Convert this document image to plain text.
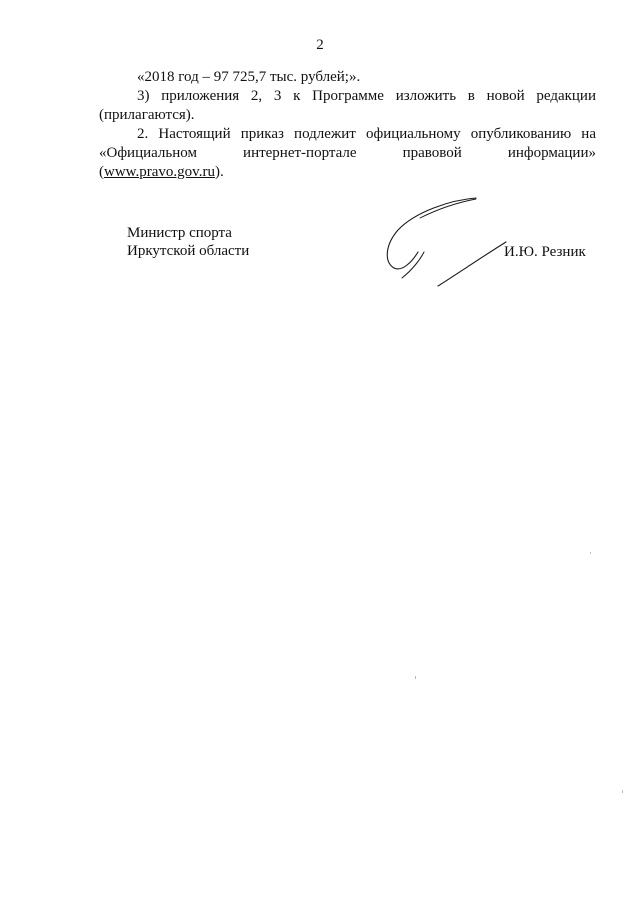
2
«2018 год – 97 725,7 тыс. рублей;».
3) приложения 2, 3 к Программе изложить в новой редакции (прилагаются).
2. Настоящий приказ подлежит официальному опубликованию на «Официальном интернет-портале правовой информации» (www.pravo.gov.ru).
Министр спорта
Иркутской области	И.Ю. Резник
